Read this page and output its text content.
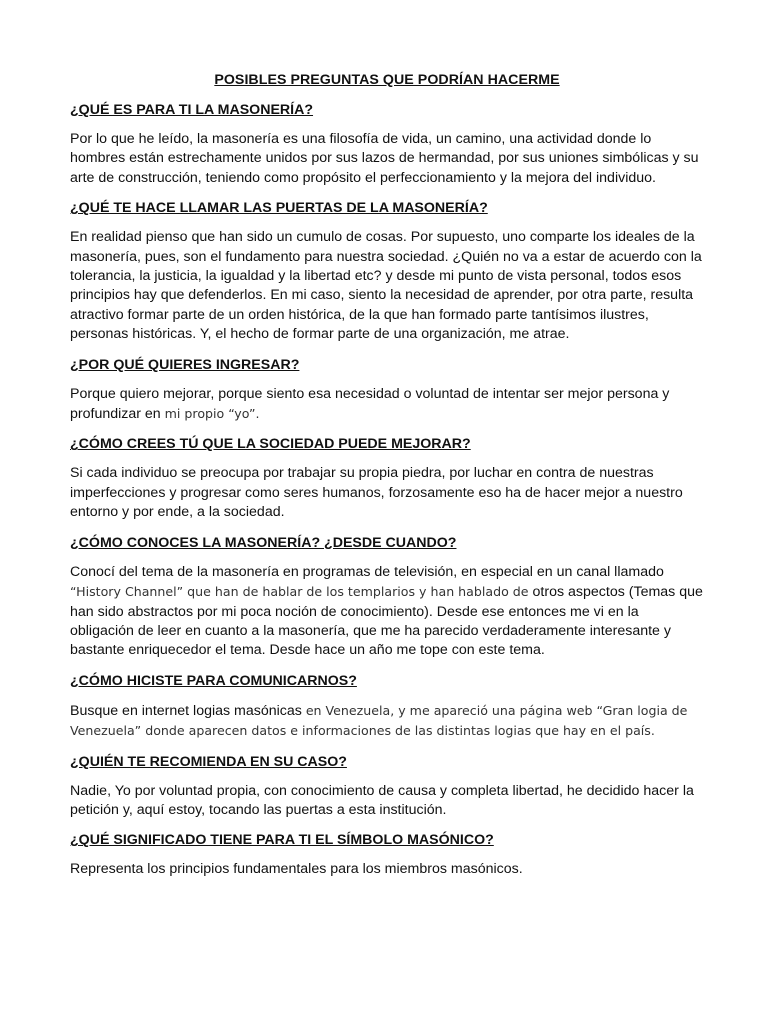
POSIBLES PREGUNTAS QUE PODRÍAN HACERME
¿QUÉ ES PARA TI LA MASONERÍA?
Por lo que he leído, la masonería es una filosofía de vida, un camino, una actividad donde lo hombres están estrechamente unidos por sus lazos de hermandad, por sus uniones simbólicas y su arte de construcción, teniendo como propósito el perfeccionamiento y la mejora del individuo.
¿QUÉ TE HACE LLAMAR LAS PUERTAS DE LA MASONERÍA?
En realidad pienso que han sido un cumulo de cosas. Por supuesto, uno comparte los ideales de la masonería, pues, son el fundamento para nuestra sociedad. ¿Quién no va a estar de acuerdo con la tolerancia, la justicia, la igualdad y la libertad etc? y desde mi punto de vista personal, todos esos principios hay que defenderlos. En mi caso, siento la necesidad de aprender, por otra parte, resulta atractivo formar parte de un orden histórica, de la que han formado parte tantísimos ilustres, personas históricas. Y, el hecho de formar parte de una organización, me atrae.
¿POR QUÉ QUIERES INGRESAR?
Porque quiero mejorar, porque siento esa necesidad o voluntad de intentar ser mejor persona y profundizar en mi propio “yo”.
¿CÓMO CREES TÚ QUE LA SOCIEDAD PUEDE MEJORAR?
Si cada individuo se preocupa por trabajar su propia piedra, por luchar en contra de nuestras imperfecciones y progresar como seres humanos, forzosamente eso ha de hacer mejor a nuestro entorno y por ende, a la sociedad.
¿CÓMO CONOCES LA MASONERÍA? ¿DESDE CUANDO?
Conocí del tema de la masonería en programas de televisión, en especial en un canal llamado “History Channel” que han de hablar de los templarios y han hablado de otros aspectos (Temas que han sido abstractos por mi poca noción de conocimiento). Desde ese entonces me vi en la obligación de leer en cuanto a la masonería, que me ha parecido verdaderamente interesante y bastante enriquecedor el tema. Desde hace un año me tope con este tema.
¿CÓMO HICISTE PARA COMUNICARNOS?
Busque en internet logias masónicas en Venezuela, y me apareció una página web “Gran logia de Venezuela” donde aparecen datos e informaciones de las distintas logias que hay en el país.
¿QUIÉN TE RECOMIENDA EN SU CASO?
Nadie, Yo por voluntad propia, con conocimiento de causa y completa libertad, he decidido hacer la petición y, aquí estoy, tocando las puertas a esta institución.
¿QUÉ SIGNIFICADO TIENE PARA TI EL SÍMBOLO MASÓNICO?
Representa los principios fundamentales para los miembros masónicos.
